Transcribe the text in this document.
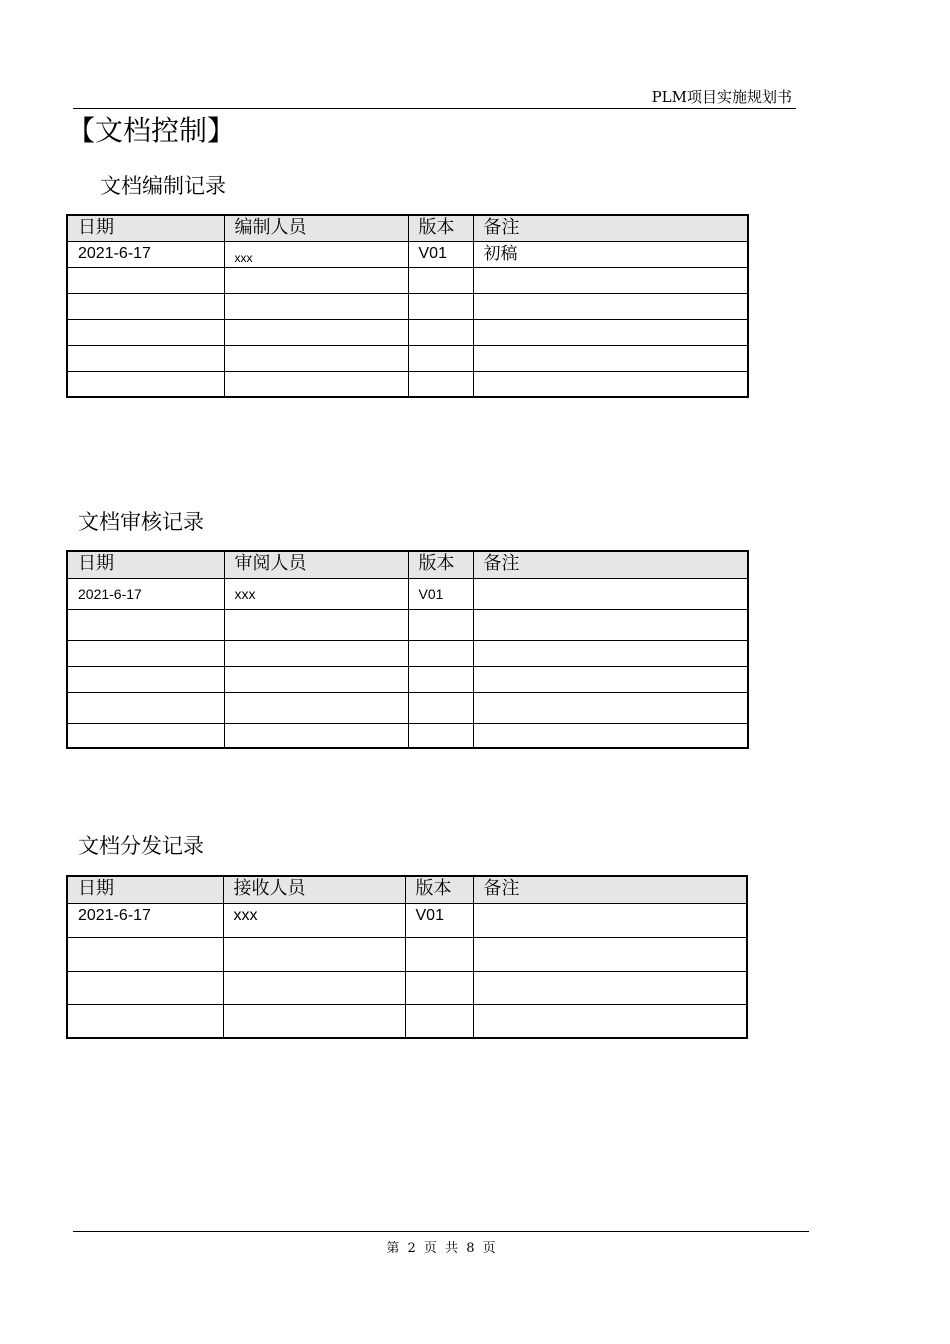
PLM项目实施规划书
【文档控制】
文档编制记录
日期	编制人员	版本	备注
2021-6-17	xxx	V01	初稿

文档审核记录
日期	审阅人员	版本	备注
2021-6-17	xxx	V01	

文档分发记录
日期	接收人员	版本	备注
2021-6-17	xxx	V01	

第 2 页 共 8 页
